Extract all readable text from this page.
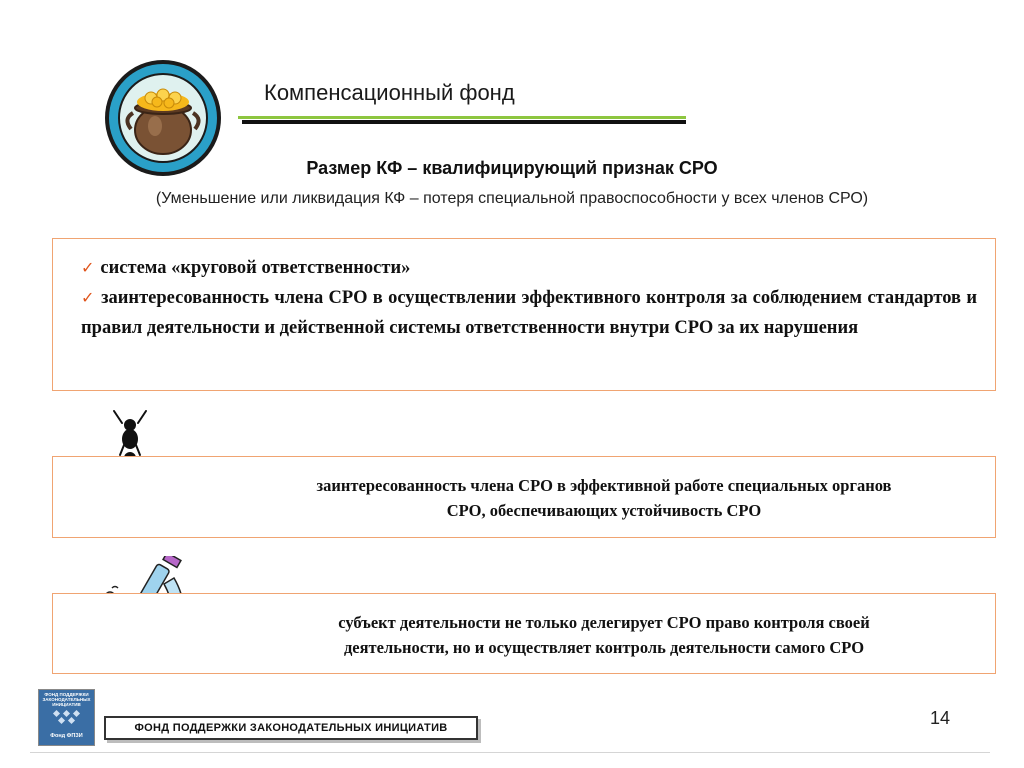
Компенсационный фонд
Размер КФ – квалифицирующий признак СРО
(Уменьшение или ликвидация КФ – потеря специальной правоспособности у всех членов СРО)
✓ система «круговой ответственности»
✓ заинтересованность члена СРО в осуществлении эффективного контроля за соблюдением стандартов и правил деятельности и действенной системы ответственности внутри СРО за их нарушения
заинтересованность члена СРО в эффективной работе специальных органов
СРО, обеспечивающих устойчивость СРО
субъект деятельности не только делегирует СРО право контроля своей
деятельности, но и осуществляет контроль деятельности самого СРО
ФОНД ПОДДЕРЖКИ ЗАКОНОДАТЕЛЬНЫХ ИНИЦИАТИВ
Фонд ФПЗИ
ФОНД ПОДДЕРЖКИ ЗАКОНОДАТЕЛЬНЫХ ИНИЦИАТИВ	14
